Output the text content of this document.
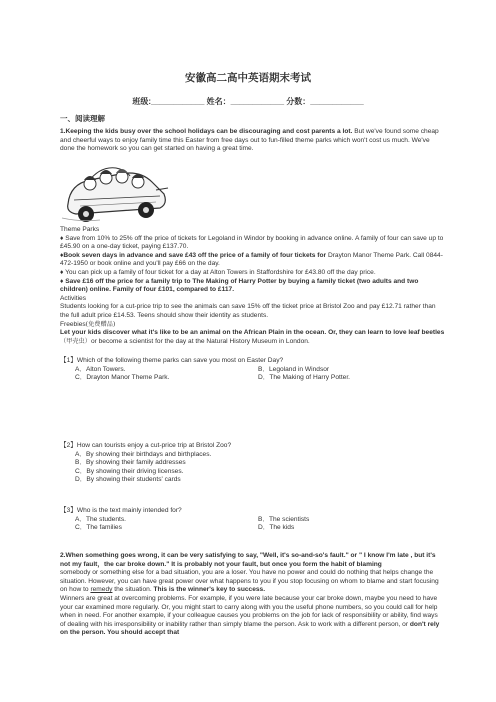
安徽高二高中英语期末考试
班级:____________ 姓名：____________ 分数：____________
一、阅读理解

1.Keeping the kids busy over the school holidays can be discouraging and cost parents a lot. But we've found some cheap and cheerful ways to enjoy family time this Easter from free days out to fun-filled theme parks which won't cost us much. We've done the homework so you can get started on having a great time.

Theme Parks

♦ Save from 10% to 25% off the price of tickets for Legoland in Windor by booking in advance online. A family of four can save up to £45.90 on a one-day ticket, paying £137.70.

♦Book seven days in advance and save £43 off the price of a family of four tickets for Drayton Manor Theme Park. Call 0844-472-1950 or book online and you'll pay £66 on the day.

♦ You can pick up a family of four ticket for a day at Alton Towers in Staffordshire for £43.80 off the day price.

♦ Save £16 off the price for a family trip to The Making of Harry Potter by buying a family ticket (two adults and two children) online. Family of four £101, compared to £117.

Activities

Students looking for a cut-price trip to see the animals can save 15% off the ticket price at Bristol Zoo and pay £12.71 rather than the full adult price £14.53. Teens should show their identity as students.

Freebies(免费赠品)

Let your kids discover what it's like to be an animal on the African Plain in the ocean. Or, they can learn to love leaf beetles（甲壳虫）or become a scientist for the day at the Natural History Museum in London.

【1】Which of the following theme parks can save you most on Easter Day?

A．Alton Towers.	B．Legoland in Windsor
C．Drayton Manor Theme Park.	D．The Making of Harry Potter.

【2】How can tourists enjoy a cut-price trip at Bristol Zoo?

A．By showing their birthdays and birthplaces.

B．By showing their family addresses

C．By showing their driving licenses.

D．By showing their students' cards

【3】Who is the text mainly intended for?

A．The students.	B．The scientists
C．The families	D．The kids

2.When something goes wrong, it can be very satisfying to say, "Well, it's so-and-so's fault." or " I know I'm late , but it's not my fault，the car broke down." It is probably not your fault, but once you form the habit of blaming

somebody or something else for a bad situation, you are a loser. You have no power and could do nothing that helps change the situation. However, you can have great power over what happens to you if you stop focusing on whom to blame and start focusing on how to remedy the situation. This is the winner's key to success.

Winners are great at overcoming problems. For example, if you were late because your car broke down, maybe you need to have your car examined more regularly. Or, you might start to carry along with you the useful phone numbers, so you could call for help when in need. For another example, if your colleague causes you problems on the job for lack of responsibility or ability, find ways of dealing with his irresponsibility or inability rather than simply blame the person. Ask to work with a different person, or don't rely on the person. You should accept that
